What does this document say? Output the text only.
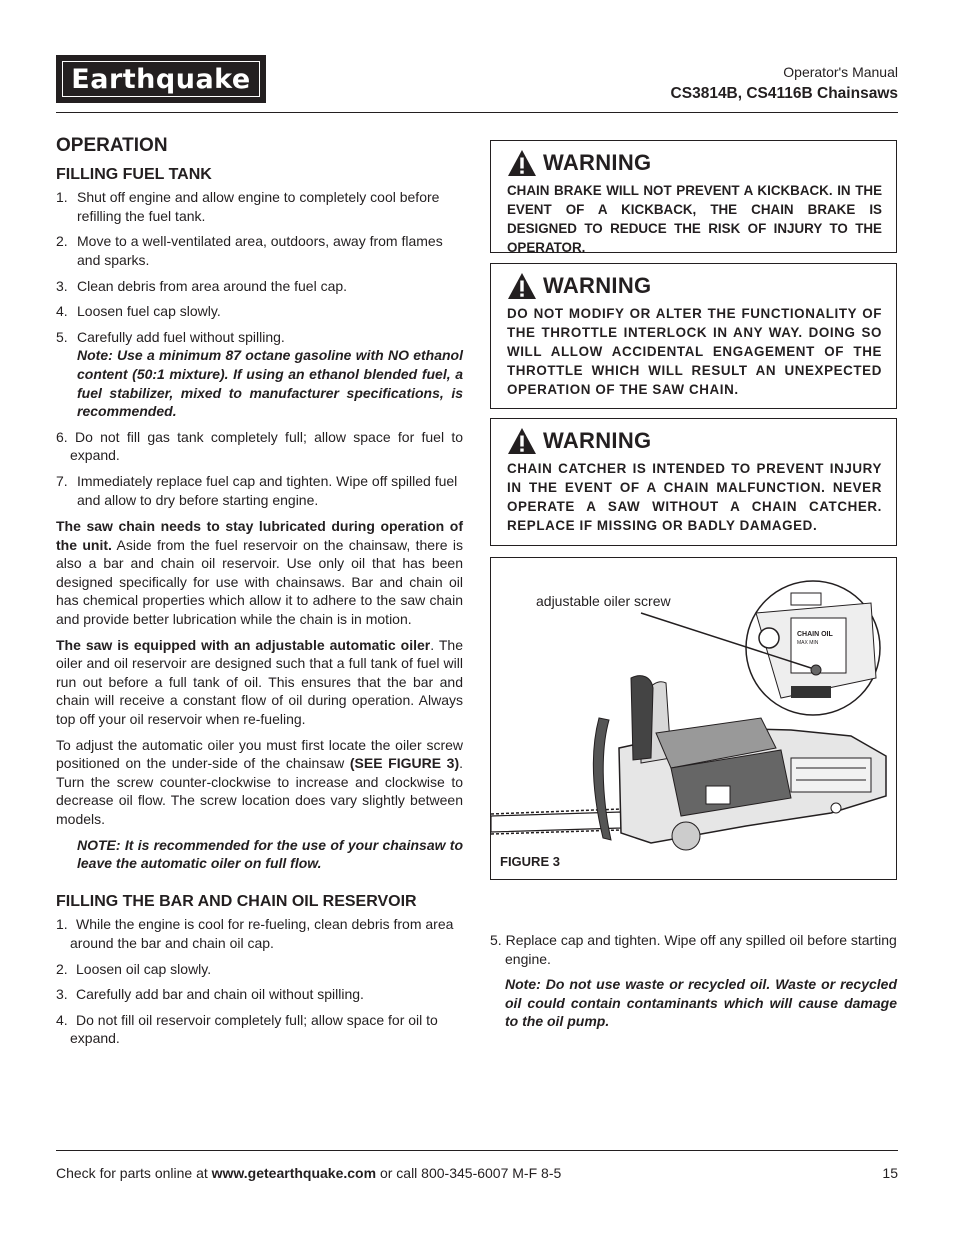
Earthquake	Operator's Manual
CS3814B, CS4116B Chainsaws
OPERATION
FILLING FUEL TANK
1. Shut off engine and allow engine to completely cool before refilling the fuel tank.
2. Move to a well-ventilated area, outdoors, away from flames and sparks.
3. Clean debris from area around the fuel cap.
4. Loosen fuel cap slowly.
5. Carefully add fuel without spilling.
Note: Use a minimum 87 octane gasoline with NO ethanol content (50:1 mixture). If using an ethanol blended fuel, a fuel stabilizer, mixed to manufacturer specifications, is recommended.
6. Do not fill gas tank completely full; allow space for fuel to expand.
7. Immediately replace fuel cap and tighten. Wipe off spilled fuel and allow to dry before starting engine.

The saw chain needs to stay lubricated during operation of the unit. Aside from the fuel reservoir on the chainsaw, there is also a bar and chain oil reservoir. Use only oil that has been designed specifically for use with chainsaws. Bar and chain oil has chemical properties which allow it to adhere to the saw chain and provide better lubrication while the chain is in motion.

The saw is equipped with an adjustable automatic oiler. The oiler and oil reservoir are designed such that a full tank of fuel will run out before a full tank of oil. This ensures that the bar and chain will receive a constant flow of oil during operation. Always top off your oil reservoir when re-fueling.

To adjust the automatic oiler you must first locate the oiler screw positioned on the under-side of the chainsaw (SEE FIGURE 3). Turn the screw counter-clockwise to increase and clockwise to decrease oil flow. The screw location does vary slightly between models.

NOTE: It is recommended for the use of your chainsaw to leave the automatic oiler on full flow.
FILLING THE BAR AND CHAIN OIL RESERVOIR
1. While the engine is cool for re-fueling, clean debris from area around the bar and chain oil cap.
2. Loosen oil cap slowly.
3. Carefully add bar and chain oil without spilling.
4. Do not fill oil reservoir completely full; allow space for oil to expand.
WARNING
CHAIN BRAKE WILL NOT PREVENT A KICKBACK. IN THE EVENT OF A KICKBACK, THE CHAIN BRAKE IS DESIGNED TO REDUCE THE RISK OF INJURY TO THE OPERATOR.
WARNING
DO NOT MODIFY OR ALTER THE FUNCTIONALITY OF THE THROTTLE INTERLOCK IN ANY WAY. DOING SO WILL ALLOW ACCIDENTAL ENGAGEMENT OF THE THROTTLE WHICH WILL RESULT AN UNEXPECTED OPERATION OF THE SAW CHAIN.
WARNING
CHAIN CATCHER IS INTENDED TO PREVENT INJURY IN THE EVENT OF A CHAIN MALFUNCTION. NEVER OPERATE A SAW WITHOUT A CHAIN CATCHER. REPLACE IF MISSING OR BADLY DAMAGED.
CHAIN OIL
MAX MIN
adjustable oiler screw
FIGURE 3
5. Replace cap and tighten. Wipe off any spilled oil before starting engine.
Note: Do not use waste or recycled oil. Waste or recycled oil could contain contaminants which will cause damage to the oil pump.
Check for parts online at www.getearthquake.com or call 800-345-6007 M-F 8-5	15
